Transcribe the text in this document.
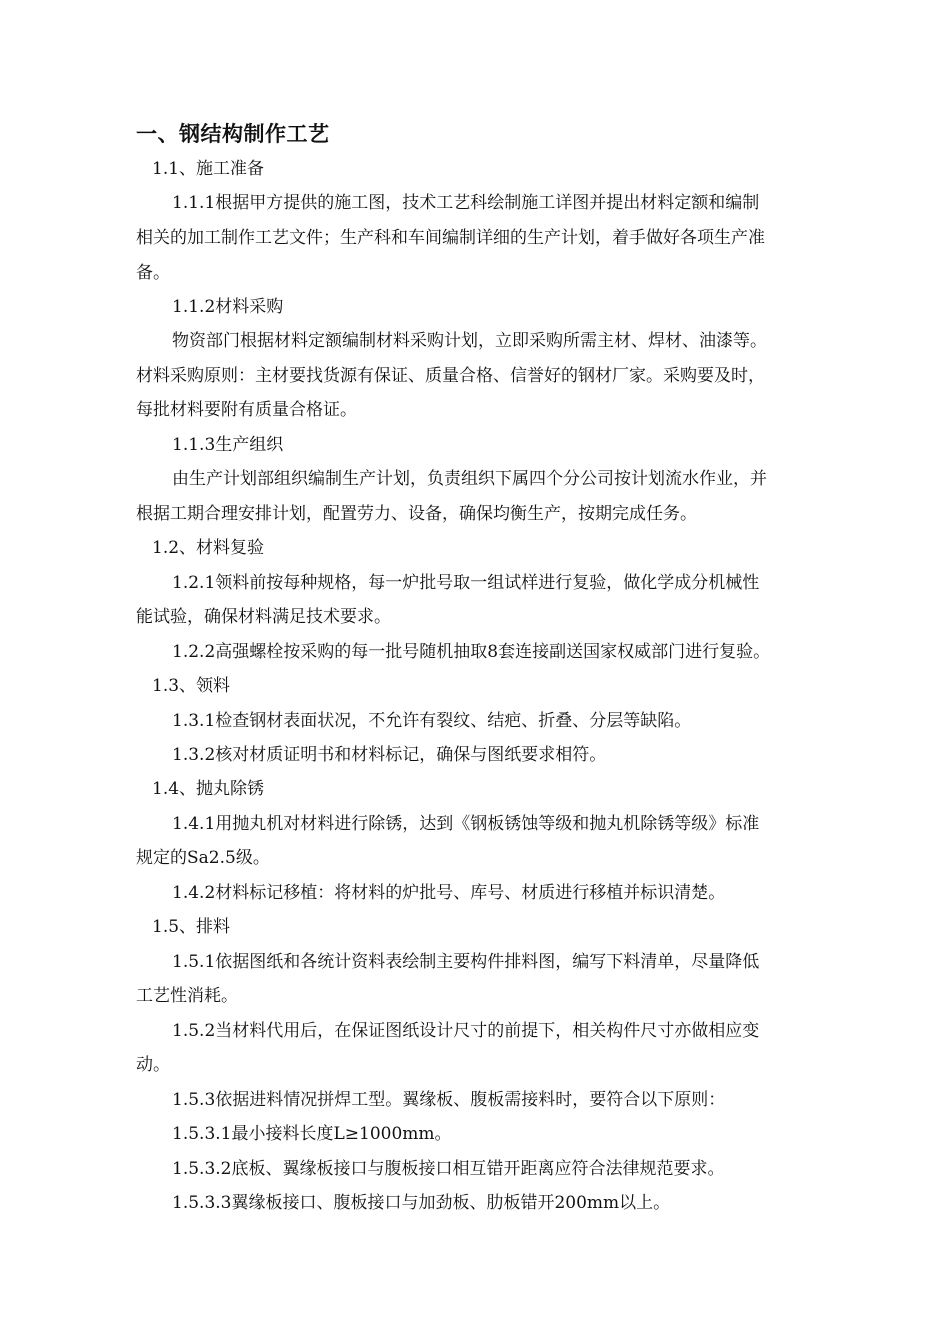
一、钢结构制作工艺
1.1、施工准备
1.1.1根据甲方提供的施工图，技术工艺科绘制施工详图并提出材料定额和编制
相关的加工制作工艺文件；生产科和车间编制详细的生产计划，着手做好各项生产准
备。
1.1.2材料采购
物资部门根据材料定额编制材料采购计划，立即采购所需主材、焊材、油漆等。
材料采购原则：主材要找货源有保证、质量合格、信誉好的钢材厂家。采购要及时，
每批材料要附有质量合格证。
1.1.3生产组织
由生产计划部组织编制生产计划，负责组织下属四个分公司按计划流水作业，并
根据工期合理安排计划，配置劳力、设备，确保均衡生产，按期完成任务。
1.2、材料复验
1.2.1领料前按每种规格，每一炉批号取一组试样进行复验，做化学成分机械性
能试验，确保材料满足技术要求。
1.2.2高强螺栓按采购的每一批号随机抽取8套连接副送国家权威部门进行复验。
1.3、领料
1.3.1检查钢材表面状况，不允许有裂纹、结疤、折叠、分层等缺陷。
1.3.2核对材质证明书和材料标记，确保与图纸要求相符。
1.4、抛丸除锈
1.4.1用抛丸机对材料进行除锈，达到《钢板锈蚀等级和抛丸机除锈等级》标准
规定的Sa2.5级。
1.4.2材料标记移植：将材料的炉批号、库号、材质进行移植并标识清楚。
1.5、排料
1.5.1依据图纸和各统计资料表绘制主要构件排料图，编写下料清单，尽量降低
工艺性消耗。
1.5.2当材料代用后，在保证图纸设计尺寸的前提下，相关构件尺寸亦做相应变
动。
1.5.3依据进料情况拼焊工型。翼缘板、腹板需接料时，要符合以下原则：
1.5.3.1最小接料长度L≥1000mm。
1.5.3.2底板、翼缘板接口与腹板接口相互错开距离应符合法律规范要求。
1.5.3.3翼缘板接口、腹板接口与加劲板、肋板错开200mm以上。
